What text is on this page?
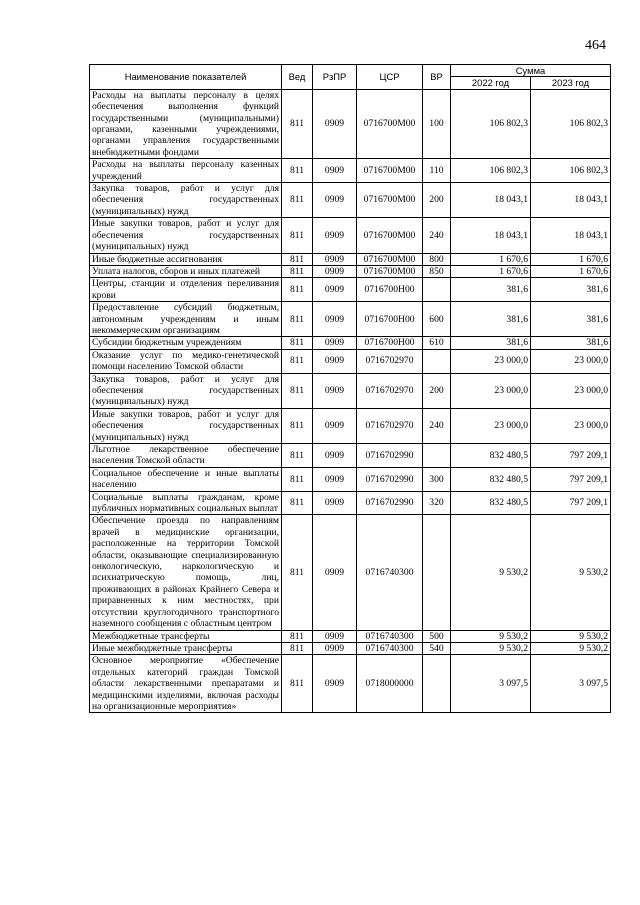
464
Наименование показателей	Вед	РзПР	ЦСР	ВР	Сумма	
					2022 год	2023 год
Расходы на выплаты персоналу в целях обеспечения выполнения функций государственными (муниципальными) органами, казенными учреждениями, органами управления государственными внебюджетными фондами	811	0909	0716700М00	100	106 802,3	106 802,3
Расходы на выплаты персоналу казенных учреждений	811	0909	0716700М00	110	106 802,3	106 802,3
Закупка товаров, работ и услуг для обеспечения государственных (муниципальных) нужд	811	0909	0716700М00	200	18 043,1	18 043,1
Иные закупки товаров, работ и услуг для обеспечения государственных (муниципальных) нужд	811	0909	0716700М00	240	18 043,1	18 043,1
Иные бюджетные ассигнования	811	0909	0716700М00	800	1 670,6	1 670,6
Уплата налогов, сборов и иных платежей	811	0909	0716700М00	850	1 670,6	1 670,6
Центры, станции и отделения переливания крови	811	0909	0716700Н00		381,6	381,6
Предоставление субсидий бюджетным, автономным учреждениям и иным некоммерческим организациям	811	0909	0716700Н00	600	381,6	381,6
Субсидии бюджетным учреждениям	811	0909	0716700Н00	610	381,6	381,6
Оказание услуг по медико-генетической помощи населению Томской области	811	0909	0716702970		23 000,0	23 000,0
Закупка товаров, работ и услуг для обеспечения государственных (муниципальных) нужд	811	0909	0716702970	200	23 000,0	23 000,0
Иные закупки товаров, работ и услуг для обеспечения государственных (муниципальных) нужд	811	0909	0716702970	240	23 000,0	23 000,0
Льготное лекарственное обеспечение населения Томской области	811	0909	0716702990		832 480,5	797 209,1
Социальное обеспечение и иные выплаты населению	811	0909	0716702990	300	832 480,5	797 209,1
Социальные выплаты гражданам, кроме публичных нормативных социальных выплат	811	0909	0716702990	320	832 480,5	797 209,1
Обеспечение проезда по направлениям врачей в медицинские организации, расположенные на территории Томской области, оказывающие специализированную онкологическую, наркологическую и психиатрическую помощь, лиц, проживающих в районах Крайнего Севера и приравненных к ним местностях, при отсутствии круглогодичного транспортного наземного сообщения с областным центром	811	0909	0716740300		9 530,2	9 530,2
Межбюджетные трансферты	811	0909	0716740300	500	9 530,2	9 530,2
Иные межбюджетные трансферты	811	0909	0716740300	540	9 530,2	9 530,2
Основное мероприятие «Обеспечение отдельных категорий граждан Томской области лекарственными препаратами и медицинскими изделиями, включая расходы на организационные мероприятия»	811	0909	0718000000		3 097,5	3 097,5
